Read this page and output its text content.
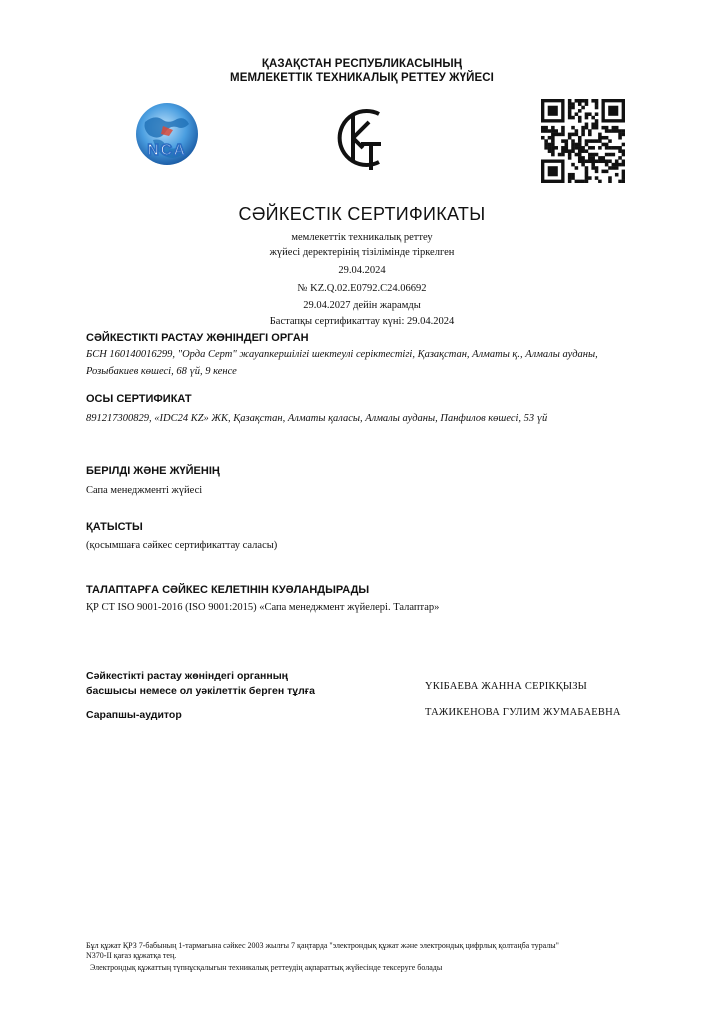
ҚАЗАҚСТАН РЕСПУБЛИКАСЫНЫҢ
МЕМЛЕКЕТТІК ТЕХНИКАЛЫҚ РЕТТЕУ ЖҮЙЕСІ
NCA
СӘЙКЕСТІК СЕРТИФИКАТЫ
мемлекеттік техникалық реттеу
жүйесі деректерінің тізілімінде тіркелген
29.04.2024
№ KZ.Q.02.E0792.C24.06692
29.04.2027 дейін жарамды
Бастапқы сертификаттау күні: 29.04.2024
СӘЙКЕСТІКТІ РАСТАУ ЖӨНІНДЕГІ ОРГАН
БСН 160140016299, "Орда Серт" жауапкершілігі шектеулі серіктестігі, Қазақстан, Алматы қ., Алмалы ауданы,
Розыбакиев көшесі, 68 үй, 9 кенсе
ОСЫ СЕРТИФИКАТ
891217300829, «IDC24 KZ» ЖК, Қазақстан, Алматы қаласы, Алмалы ауданы, Панфилов көшесі, 53 үй
БЕРІЛДІ ЖӘНЕ ЖҮЙЕНІҢ
Сапа менеджменті жүйесі
ҚАТЫСТЫ
(қосымшаға сәйкес сертификаттау саласы)
ТАЛАПТАРҒА СӘЙКЕС КЕЛЕТІНІН КУӘЛАНДЫРАДЫ
ҚР СТ ISO 9001-2016 (ISO 9001:2015) «Сапа менеджмент жүйелері. Талаптар»
Сәйкестікті растау жөніндегі органның
басшысы немесе ол уәкілеттік берген тұлға	ҮКІБАЕВА ЖАННА СЕРІКҚЫЗЫ
Сарапшы-аудитор	ТАЖИКЕНОВА ГУЛИМ ЖУМАБАЕВНА
Бұл құжат ҚРЗ 7-бабының 1-тармағына сәйкес 2003 жылғы 7 қаңтарда "электрондық құжат және электрондық цифрлық қолтаңба туралы"
N370-II қағаз құжатқа тең.
Электрондық құжаттың түпнұсқалығын техникалық реттеудің ақпараттық жүйесінде тексеруге болады
